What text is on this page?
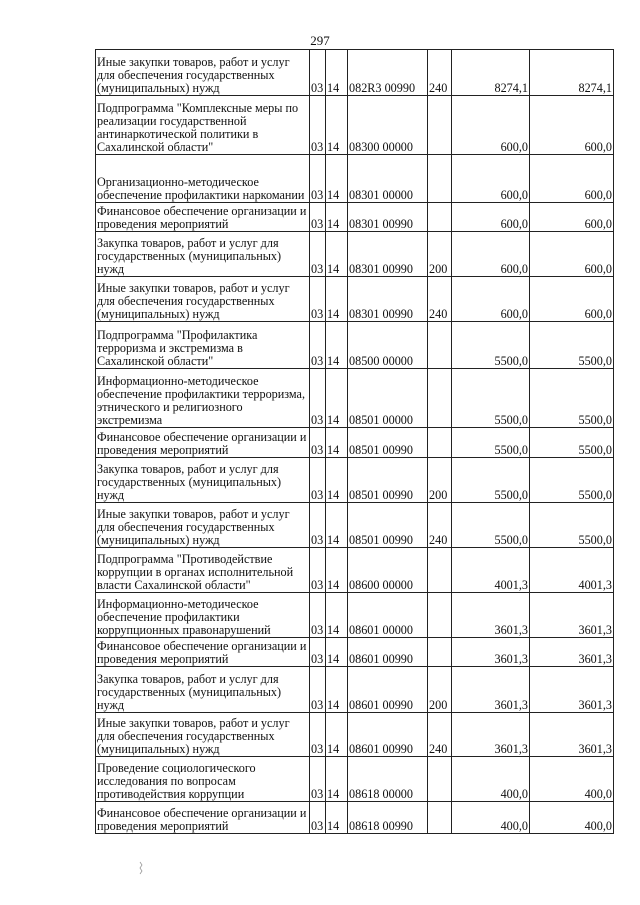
297
Иные закупки товаров, работ и услуг для обеспечения государственных (муниципальных) нужд	03	14	082R3 00990	240	8274,1	8274,1
Подпрограмма "Комплексные меры по реализации государственной антинаркотической политики в Сахалинской области"	03	14	08300 00000		600,0	600,0
Организационно-методическое обеспечение профилактики наркомании	03	14	08301 00000		600,0	600,0
Финансовое обеспечение организации и проведения мероприятий	03	14	08301 00990		600,0	600,0
Закупка товаров, работ и услуг для государственных (муниципальных) нужд	03	14	08301 00990	200	600,0	600,0
Иные закупки товаров, работ и услуг для обеспечения государственных (муниципальных) нужд	03	14	08301 00990	240	600,0	600,0
Подпрограмма "Профилактика терроризма и экстремизма в Сахалинской области"	03	14	08500 00000		5500,0	5500,0
Информационно-методическое обеспечение профилактики терроризма, этнического и религиозного экстремизма	03	14	08501 00000		5500,0	5500,0
Финансовое обеспечение организации и проведения мероприятий	03	14	08501 00990		5500,0	5500,0
Закупка товаров, работ и услуг для государственных (муниципальных) нужд	03	14	08501 00990	200	5500,0	5500,0
Иные закупки товаров, работ и услуг для обеспечения государственных (муниципальных) нужд	03	14	08501 00990	240	5500,0	5500,0
Подпрограмма "Противодействие коррупции в органах исполнительной власти Сахалинской области"	03	14	08600 00000		4001,3	4001,3
Информационно-методическое обеспечение профилактики коррупционных правонарушений	03	14	08601 00000		3601,3	3601,3
Финансовое обеспечение организации и проведения мероприятий	03	14	08601 00990		3601,3	3601,3
Закупка товаров, работ и услуг для государственных (муниципальных) нужд	03	14	08601 00990	200	3601,3	3601,3
Иные закупки товаров, работ и услуг для обеспечения государственных (муниципальных) нужд	03	14	08601 00990	240	3601,3	3601,3
Проведение социологического исследования по вопросам противодействия коррупции	03	14	08618 00000		400,0	400,0
Финансовое обеспечение организации и проведения мероприятий	03	14	08618 00990		400,0	400,0
